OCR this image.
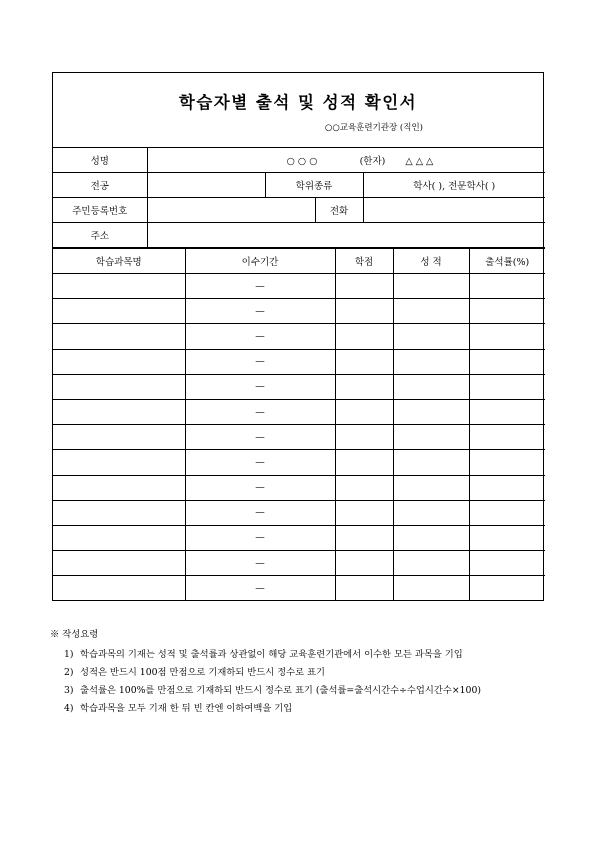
학습자별 출석 및 성적 확인서
○○교육훈련기관장 (직인)
성명	○ ○ ○ (한자) △ △ △			
전공		학위종류		학사( ), 전문학사( )
주민등록번호			전화	
주소				
학습과목명	이수기간	학점	성 적	출석률(%)
	—			
	—			
	—			
	—			
	—			
	—			
	—			
	—			
	—			
	—			
	—			
	—			
	—			
※ 작성요령
1) 학습과목의 기재는 성적 및 출석률과 상관없이 해당 교육훈련기관에서 이수한 모든 과목을 기입
2) 성적은 반드시 100점 만점으로 기재하되 반드시 정수로 표기
3) 출석률은 100%를 만점으로 기재하되 반드시 정수로 표기 (출석률=출석시간수÷수업시간수×100)
4) 학습과목을 모두 기재 한 뒤 빈 칸엔 이하여백을 기입
